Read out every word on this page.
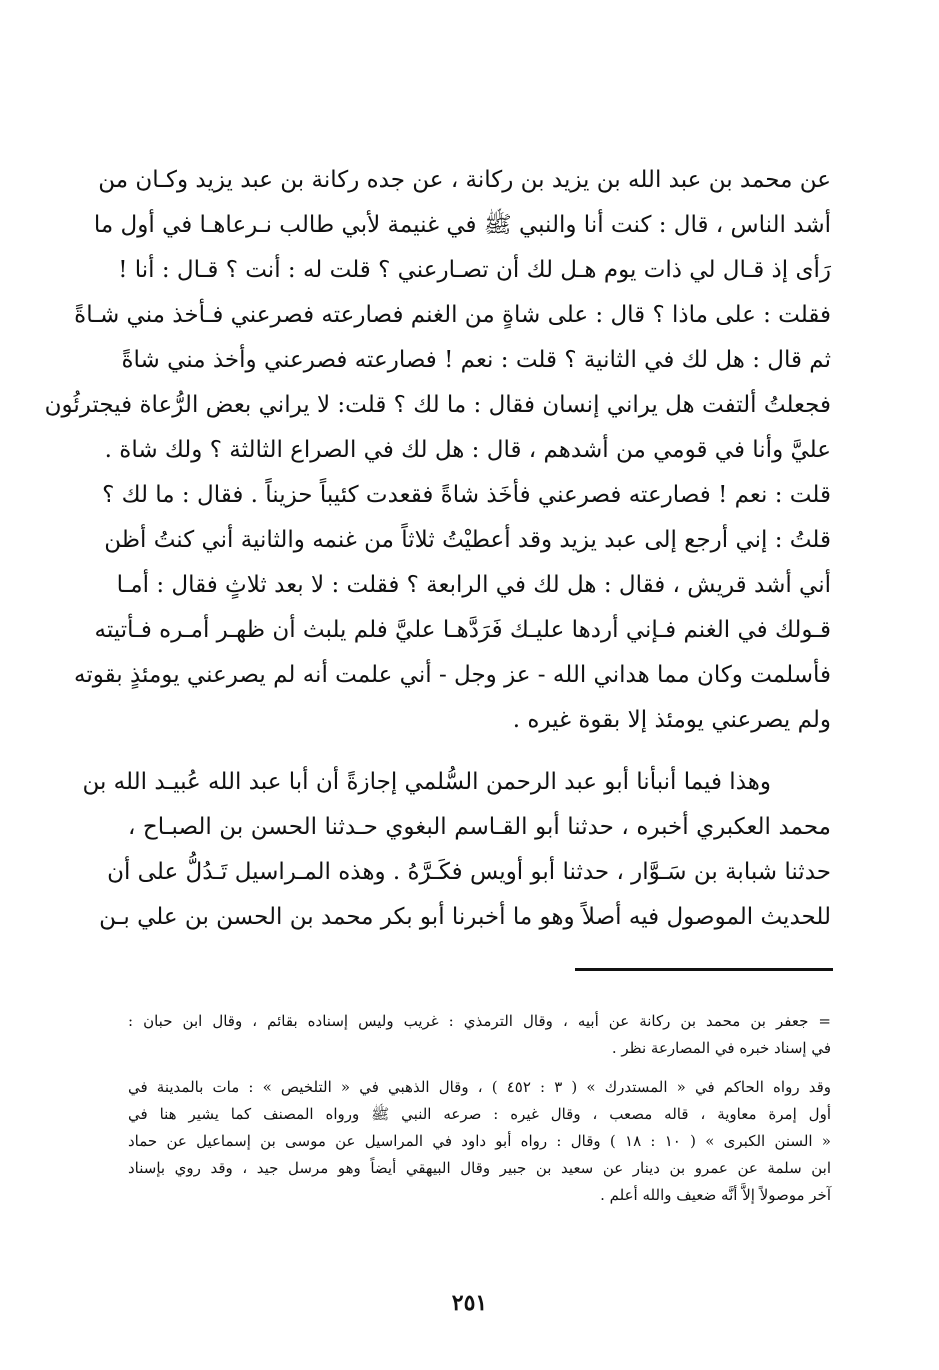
عن محمد بن عبد الله بن يزيد بن ركانة ، عن جده ركانة بن عبد يزيد وكـان من
أشد الناس ، قال : كنت أنا والنبي ﷺ في غنيمة لأبي طالب نـرعاهـا في أول ما
رَأى إذ قـال لي ذات يوم هـل لك أن تصـارعني ؟ قلت له : أنت ؟ قـال : أنا !
فقلت : على ماذا ؟ قال : على شاةٍ من الغنم فصارعته فصرعني فـأخذ مني شـاةً
ثم قال : هل لك في الثانية ؟ قلت : نعم ! فصارعته فصرعني وأخذ مني شاةً
فجعلتُ ألتفت هل يراني إنسان فقال : ما لك ؟ قلت: لا يراني بعض الرُّعاة فيجترئُون
عليَّ وأنا في قومي من أشدهم ، قال : هل لك في الصراع الثالثة ؟ ولك شاة .
قلت : نعم ! فصارعته فصرعني فأخَذ شاةً فقعدت كئيباً حزيناً . فقال : ما لك ؟
قلتُ : إني أرجع إلى عبد يزيد وقد أعطيْتُ ثلاثاً من غنمه والثانية أني كنتُ أظن
أني أشد قريش ، فقال : هل لك في الرابعة ؟ فقلت : لا بعد ثلاثٍ فقال : أمـا
قـولك في الغنم فـإني أردها عليـك فَرَدَّهـا عليَّ فلم يلبث أن ظهـر أمـره فـأتيته
فأسلمت وكان مما هداني الله - عز وجل - أني علمت أنه لم يصرعني يومئذٍ بقوته
ولم يصرعني يومئذ إلا بقوة غيره .
وهذا فيما أنبأنا أبو عبد الرحمن السُّلمي إجازةً أن أبا عبد الله عُبيـد الله بن
محمد العكبري أخبره ، حدثنا أبو القـاسم البغوي حـدثنا الحسن بن الصبـاح ،
حدثنا شبابة بن سَـوَّار ، حدثنا أبو أويس فكَـرَّهُ . وهذه المـراسيل تَـدُلُّ على أن
للحديث الموصول فيه أصلاً وهو ما أخبرنا أبو بكر محمد بن الحسن بن علي بـن
= جعفر بن محمد بن ركانة عن أبيه ، وقال الترمذي : غريب وليس إسناده بقائم ، وقال ابن حبان :
في إسناد خبره في المصارعة نظر .
وقد رواه الحاكم في « المستدرك » ( ٣ : ٤٥٢ ) ، وقال الذهبي في « التلخيص » : مات بالمدينة في
أول إمرة معاوية ، قاله مصعب ، وقال غيره : صرعه النبي ﷺ ورواه المصنف كما يشير هنا في
« السنن الكبرى » ( ١٠ : ١٨ ) وقال : رواه أبو داود في المراسيل عن موسى بن إسماعيل عن حماد
ابن سلمة عن عمرو بن دينار عن سعيد بن جبير وقال البيهقي أيضاً وهو مرسل جيد ، وقد روي بإسناد
آخر موصولاً إلاَّ أنَّه ضعيف والله أعلم .
٢٥١
